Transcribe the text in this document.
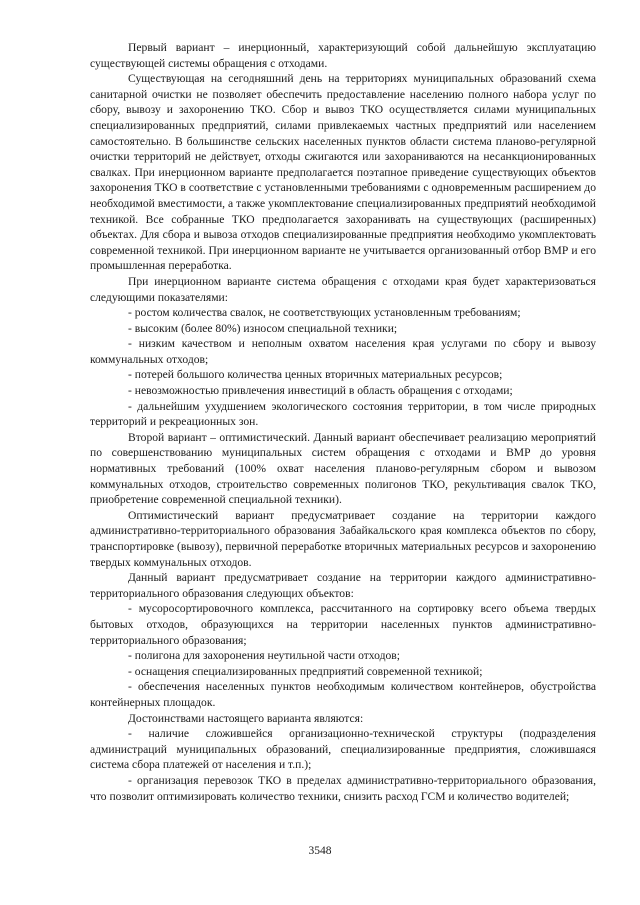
Первый вариант – инерционный, характеризующий собой дальнейшую эксплуатацию существующей системы обращения с отходами.

Существующая на сегодняшний день на территориях муниципальных образований схема санитарной очистки не позволяет обеспечить предоставление населению полного набора услуг по сбору, вывозу и захоронению ТКО. Сбор и вывоз ТКО осуществляется силами муниципальных специализированных предприятий, силами привлекаемых частных предприятий или населением самостоятельно. В большинстве сельских населенных пунктов области система планово-регулярной очистки территорий не действует, отходы сжигаются или захораниваются на несанкционированных свалках. При инерционном варианте предполагается поэтапное приведение существующих объектов захоронения ТКО в соответствие с установленными требованиями с одновременным расширением до необходимой вместимости, а также укомплектование специализированных предприятий необходимой техникой. Все собранные ТКО предполагается захоранивать на существующих (расширенных) объектах. Для сбора и вывоза отходов специализированные предприятия необходимо укомплектовать современной техникой. При инерционном варианте не учитывается организованный отбор ВМР и его промышленная переработка.

При инерционном варианте система обращения с отходами края будет характеризоваться следующими показателями:

- ростом количества свалок, не соответствующих установленным требованиям;

- высоким (более 80%) износом специальной техники;

- низким качеством и неполным охватом населения края услугами по сбору и вывозу коммунальных отходов;

- потерей большого количества ценных вторичных материальных ресурсов;

- невозможностью привлечения инвестиций в область обращения с отходами;

- дальнейшим ухудшением экологического состояния территории, в том числе природных территорий и рекреационных зон.

Второй вариант – оптимистический. Данный вариант обеспечивает реализацию мероприятий по совершенствованию муниципальных систем обращения с отходами и ВМР до уровня нормативных требований (100% охват населения планово-регулярным сбором и вывозом коммунальных отходов, строительство современных полигонов ТКО, рекультивация свалок ТКО, приобретение современной специальной техники).

Оптимистический вариант предусматривает создание на территории каждого административно-территориального образования Забайкальского края комплекса объектов по сбору, транспортировке (вывозу), первичной переработке вторичных материальных ресурсов и захоронению твердых коммунальных отходов.

Данный вариант предусматривает создание на территории каждого административно-территориального образования следующих объектов:

- мусоросортировочного комплекса, рассчитанного на сортировку всего объема твердых бытовых отходов, образующихся на территории населенных пунктов административно-территориального образования;

- полигона для захоронения неутильной части отходов;

- оснащения специализированных предприятий современной техникой;

- обеспечения населенных пунктов необходимым количеством контейнеров, обустройства контейнерных площадок.

Достоинствами настоящего варианта являются:

- наличие сложившейся организационно-технической структуры (подразделения администраций муниципальных образований, специализированные предприятия, сложившаяся система сбора платежей от населения и т.п.);

- организация перевозок ТКО в пределах административно-территориального образования, что позволит оптимизировать количество техники, снизить расход ГСМ и количество водителей;

3548
